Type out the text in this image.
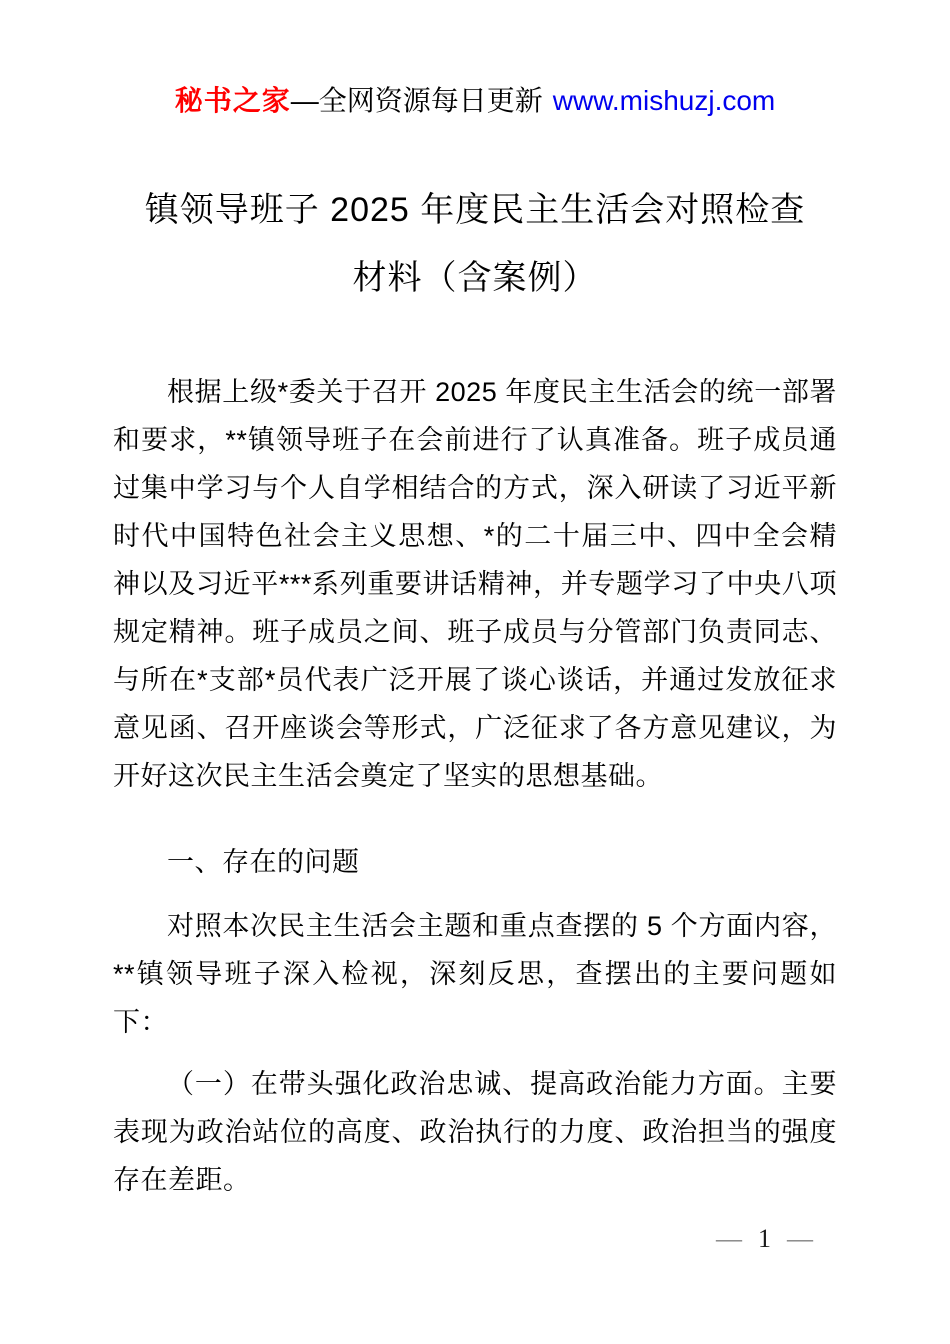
秘书之家—全网资源每日更新 www.mishuzj.com
镇领导班子 2025 年度民主生活会对照检查
材料（含案例）

根据上级*委关于召开 2025 年度民主生活会的统一部署和要求，**镇领导班子在会前进行了认真准备。班子成员通过集中学习与个人自学相结合的方式，深入研读了习近平新时代中国特色社会主义思想、*的二十届三中、四中全会精神以及习近平***系列重要讲话精神，并专题学习了中央八项规定精神。班子成员之间、班子成员与分管部门负责同志、与所在*支部*员代表广泛开展了谈心谈话，并通过发放征求意见函、召开座谈会等形式，广泛征求了各方意见建议，为开好这次民主生活会奠定了坚实的思想基础。

一、存在的问题

对照本次民主生活会主题和重点查摆的 5 个方面内容，**镇领导班子深入检视，深刻反思，查摆出的主要问题如下：

（一）在带头强化政治忠诚、提高政治能力方面。主要表现为政治站位的高度、政治执行的力度、政治担当的强度存在差距。

— 1 —
